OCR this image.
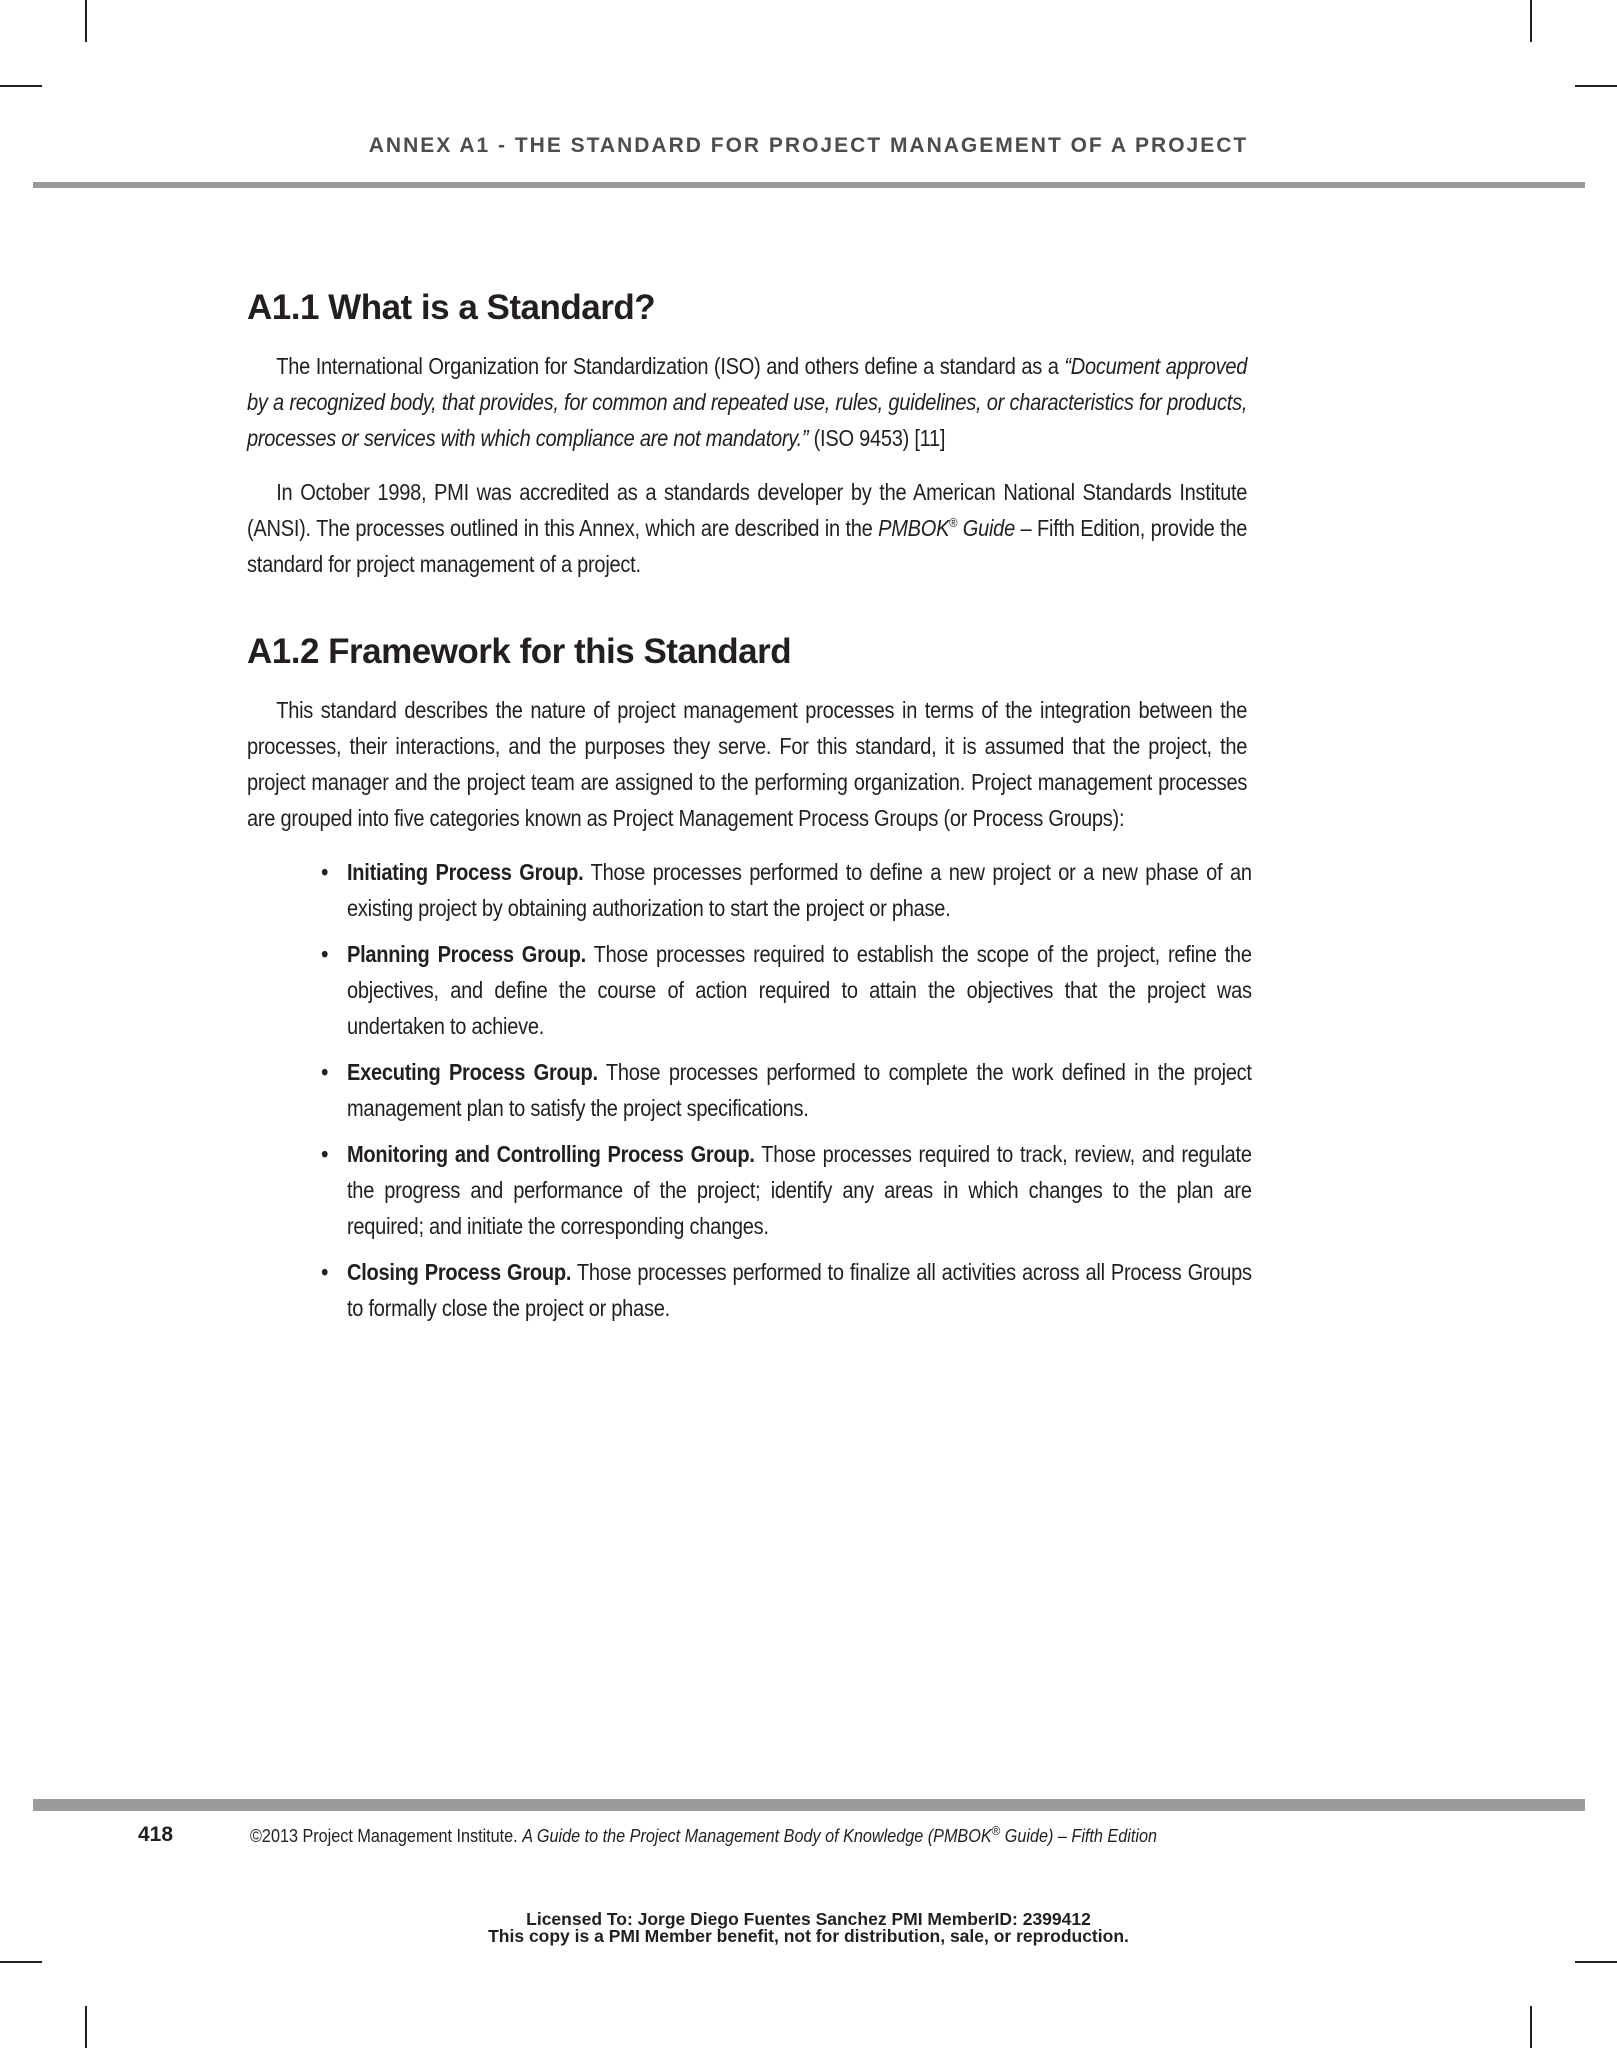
ANNEX A1 - THE STANDARD FOR PROJECT MANAGEMENT OF A PROJECT
A1.1 What is a Standard?

The International Organization for Standardization (ISO) and others define a standard as a “Document approved by a recognized body, that provides, for common and repeated use, rules, guidelines, or characteristics for products, processes or services with which compliance are not mandatory.” (ISO 9453) [11]

In October 1998, PMI was accredited as a standards developer by the American National Standards Institute (ANSI). The processes outlined in this Annex, which are described in the PMBOK® Guide – Fifth Edition, provide the standard for project management of a project.

A1.2 Framework for this Standard

This standard describes the nature of project management processes in terms of the integration between the processes, their interactions, and the purposes they serve. For this standard, it is assumed that the project, the project manager and the project team are assigned to the performing organization. Project management processes are grouped into five categories known as Project Management Process Groups (or Process Groups):

• Initiating Process Group. Those processes performed to define a new project or a new phase of an existing project by obtaining authorization to start the project or phase.
• Planning Process Group. Those processes required to establish the scope of the project, refine the objectives, and define the course of action required to attain the objectives that the project was undertaken to achieve.
• Executing Process Group. Those processes performed to complete the work defined in the project management plan to satisfy the project specifications.
• Monitoring and Controlling Process Group. Those processes required to track, review, and regulate the progress and performance of the project; identify any areas in which changes to the plan are required; and initiate the corresponding changes.
• Closing Process Group. Those processes performed to finalize all activities across all Process Groups to formally close the project or phase.
418	©2013 Project Management Institute. A Guide to the Project Management Body of Knowledge (PMBOK® Guide) – Fifth Edition
Licensed To: Jorge Diego Fuentes Sanchez PMI MemberID: 2399412
This copy is a PMI Member benefit, not for distribution, sale, or reproduction.
